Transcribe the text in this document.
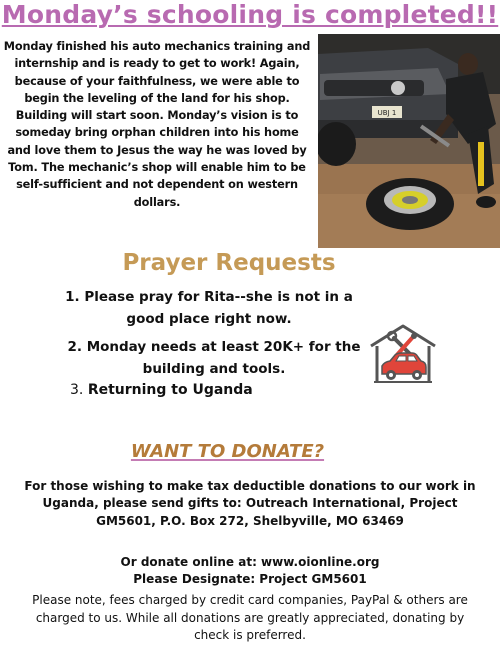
Monday’s schooling is completed!!
Monday finished his auto mechanics training and internship and is ready to get to work! Again, because of your faithfulness, we were able to begin the leveling of the land for his shop. Building will start soon. Monday’s vision is to someday bring orphan children into his home and love them to Jesus the way he was loved by Tom. The mechanic’s shop will enable him to be self-sufficient and not dependent on western dollars.
UBJ 1
Prayer Requests
1. Please pray for Rita--she is not in a good place right now.
2. Monday needs at least 20K+ for the building and tools.
3. Returning to Uganda
WANT TO DONATE?
For those wishing to make tax deductible donations to our work in Uganda, please send gifts to: Outreach International, Project GM5601, P.O. Box 272, Shelbyville, MO 63469
Or donate online at: www.oionline.org
Please Designate: Project GM5601
Please note, fees charged by credit card companies, PayPal & others are charged to us. While all donations are greatly appreciated, donating by check is preferred.
